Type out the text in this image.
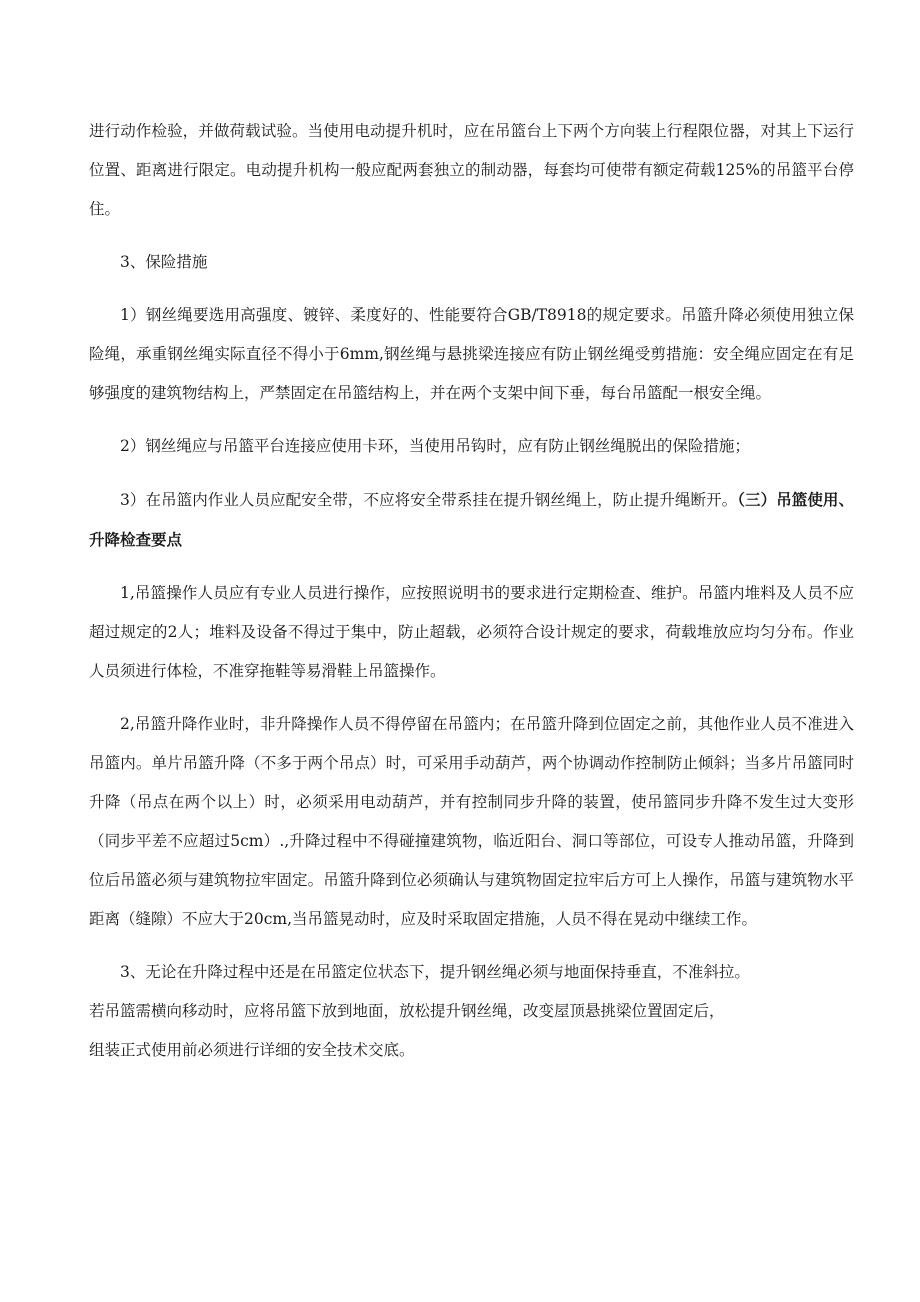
进行动作检验，并做荷载试验。当使用电动提升机时，应在吊篮台上下两个方向装上行程限位器，对其上下运行位置、距离进行限定。电动提升机构一般应配两套独立的制动器，每套均可使带有额定荷载125%的吊篮平台停住。

3、保险措施

1）钢丝绳要选用高强度、镀锌、柔度好的、性能要符合GB/T8918的规定要求。吊篮升降必须使用独立保险绳，承重钢丝绳实际直径不得小于6mm,钢丝绳与悬挑梁连接应有防止钢丝绳受剪措施：安全绳应固定在有足够强度的建筑物结构上，严禁固定在吊篮结构上，并在两个支架中间下垂，每台吊篮配一根安全绳。

2）钢丝绳应与吊篮平台连接应使用卡环，当使用吊钩时，应有防止钢丝绳脱出的保险措施；

3）在吊篮内作业人员应配安全带，不应将安全带系挂在提升钢丝绳上，防止提升绳断开。（三）吊篮使用、升降检查要点

1,吊篮操作人员应有专业人员进行操作，应按照说明书的要求进行定期检查、维护。吊篮内堆料及人员不应超过规定的2人；堆料及设备不得过于集中，防止超载，必须符合设计规定的要求，荷载堆放应均匀分布。作业人员须进行体检，不准穿拖鞋等易滑鞋上吊篮操作。

2,吊篮升降作业时，非升降操作人员不得停留在吊篮内；在吊篮升降到位固定之前，其他作业人员不准进入吊篮内。单片吊篮升降（不多于两个吊点）时，可采用手动葫芦，两个协调动作控制防止倾斜；当多片吊篮同时升降（吊点在两个以上）时，必须采用电动葫芦，并有控制同步升降的装置，使吊篮同步升降不发生过大变形（同步平差不应超过5cm）.,升降过程中不得碰撞建筑物，临近阳台、洞口等部位，可设专人推动吊篮，升降到位后吊篮必须与建筑物拉牢固定。吊篮升降到位必须确认与建筑物固定拉牢后方可上人操作，吊篮与建筑物水平距离（缝隙）不应大于20cm,当吊篮晃动时，应及时采取固定措施，人员不得在晃动中继续工作。

3、无论在升降过程中还是在吊篮定位状态下，提升钢丝绳必须与地面保持垂直，不准斜拉。

若吊篮需横向移动时，应将吊篮下放到地面，放松提升钢丝绳，改变屋顶悬挑梁位置固定后，

组装正式使用前必须进行详细的安全技术交底。
